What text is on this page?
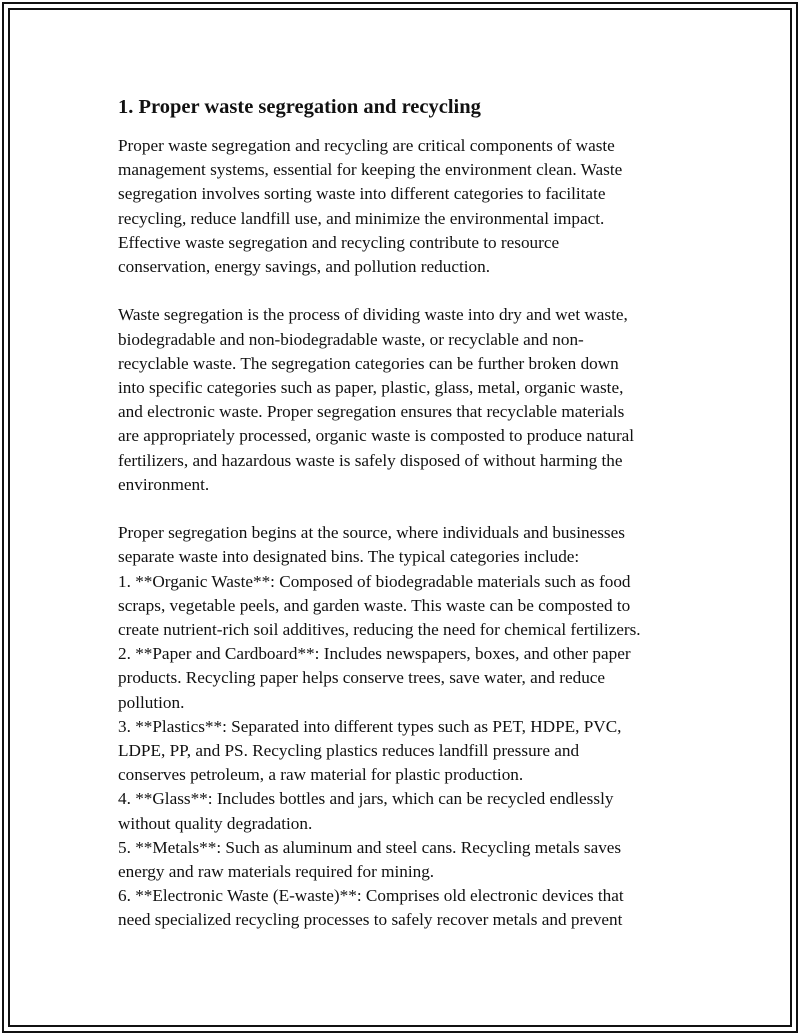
1. Proper waste segregation and recycling

Proper waste segregation and recycling are critical components of waste
management systems, essential for keeping the environment clean. Waste
segregation involves sorting waste into different categories to facilitate
recycling, reduce landfill use, and minimize the environmental impact.
Effective waste segregation and recycling contribute to resource
conservation, energy savings, and pollution reduction.

Waste segregation is the process of dividing waste into dry and wet waste,
biodegradable and non-biodegradable waste, or recyclable and non-
recyclable waste. The segregation categories can be further broken down
into specific categories such as paper, plastic, glass, metal, organic waste,
and electronic waste. Proper segregation ensures that recyclable materials
are appropriately processed, organic waste is composted to produce natural
fertilizers, and hazardous waste is safely disposed of without harming the
environment.

Proper segregation begins at the source, where individuals and businesses
separate waste into designated bins. The typical categories include:
1. **Organic Waste**: Composed of biodegradable materials such as food
scraps, vegetable peels, and garden waste. This waste can be composted to
create nutrient-rich soil additives, reducing the need for chemical fertilizers.
2. **Paper and Cardboard**: Includes newspapers, boxes, and other paper
products. Recycling paper helps conserve trees, save water, and reduce
pollution.
3. **Plastics**: Separated into different types such as PET, HDPE, PVC,
LDPE, PP, and PS. Recycling plastics reduces landfill pressure and
conserves petroleum, a raw material for plastic production.
4. **Glass**: Includes bottles and jars, which can be recycled endlessly
without quality degradation.
5. **Metals**: Such as aluminum and steel cans. Recycling metals saves
energy and raw materials required for mining.
6. **Electronic Waste (E-waste)**: Comprises old electronic devices that
need specialized recycling processes to safely recover metals and prevent
